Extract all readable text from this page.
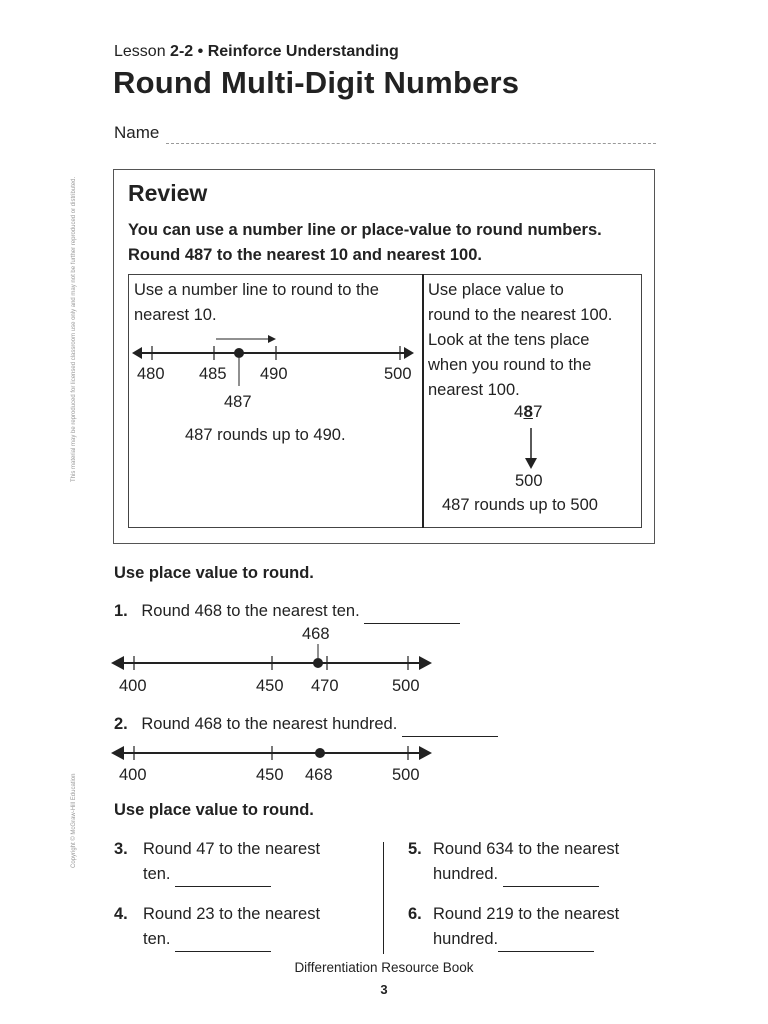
This material may be reproduced for licensed classroom use only and may not be further reproduced or distributed.
Copyright © McGraw-Hill Education
Lesson 2-2 • Reinforce Understanding
Round Multi-Digit Numbers
Name
Review
You can use a number line or place-value to round numbers.
Round 487 to the nearest 10 and nearest 100.
Use a number line to round to the
nearest 10.
480 485 490	500
487
487 rounds up to 490.
Use place value to
round to the nearest 100.
Look at the tens place
when you round to the
nearest 100.
487
500
487 rounds up to 500
Use place value to round.
1. Round 468 to the nearest ten.
468
400	450 470	500
2. Round 468 to the nearest hundred.
400	450 468	500
Use place value to round.
3. Round 47 to the nearest
ten.
4. Round 23 to the nearest
ten.
5. Round 634 to the nearest
hundred.
6. Round 219 to the nearest
hundred.
Differentiation Resource Book
3
